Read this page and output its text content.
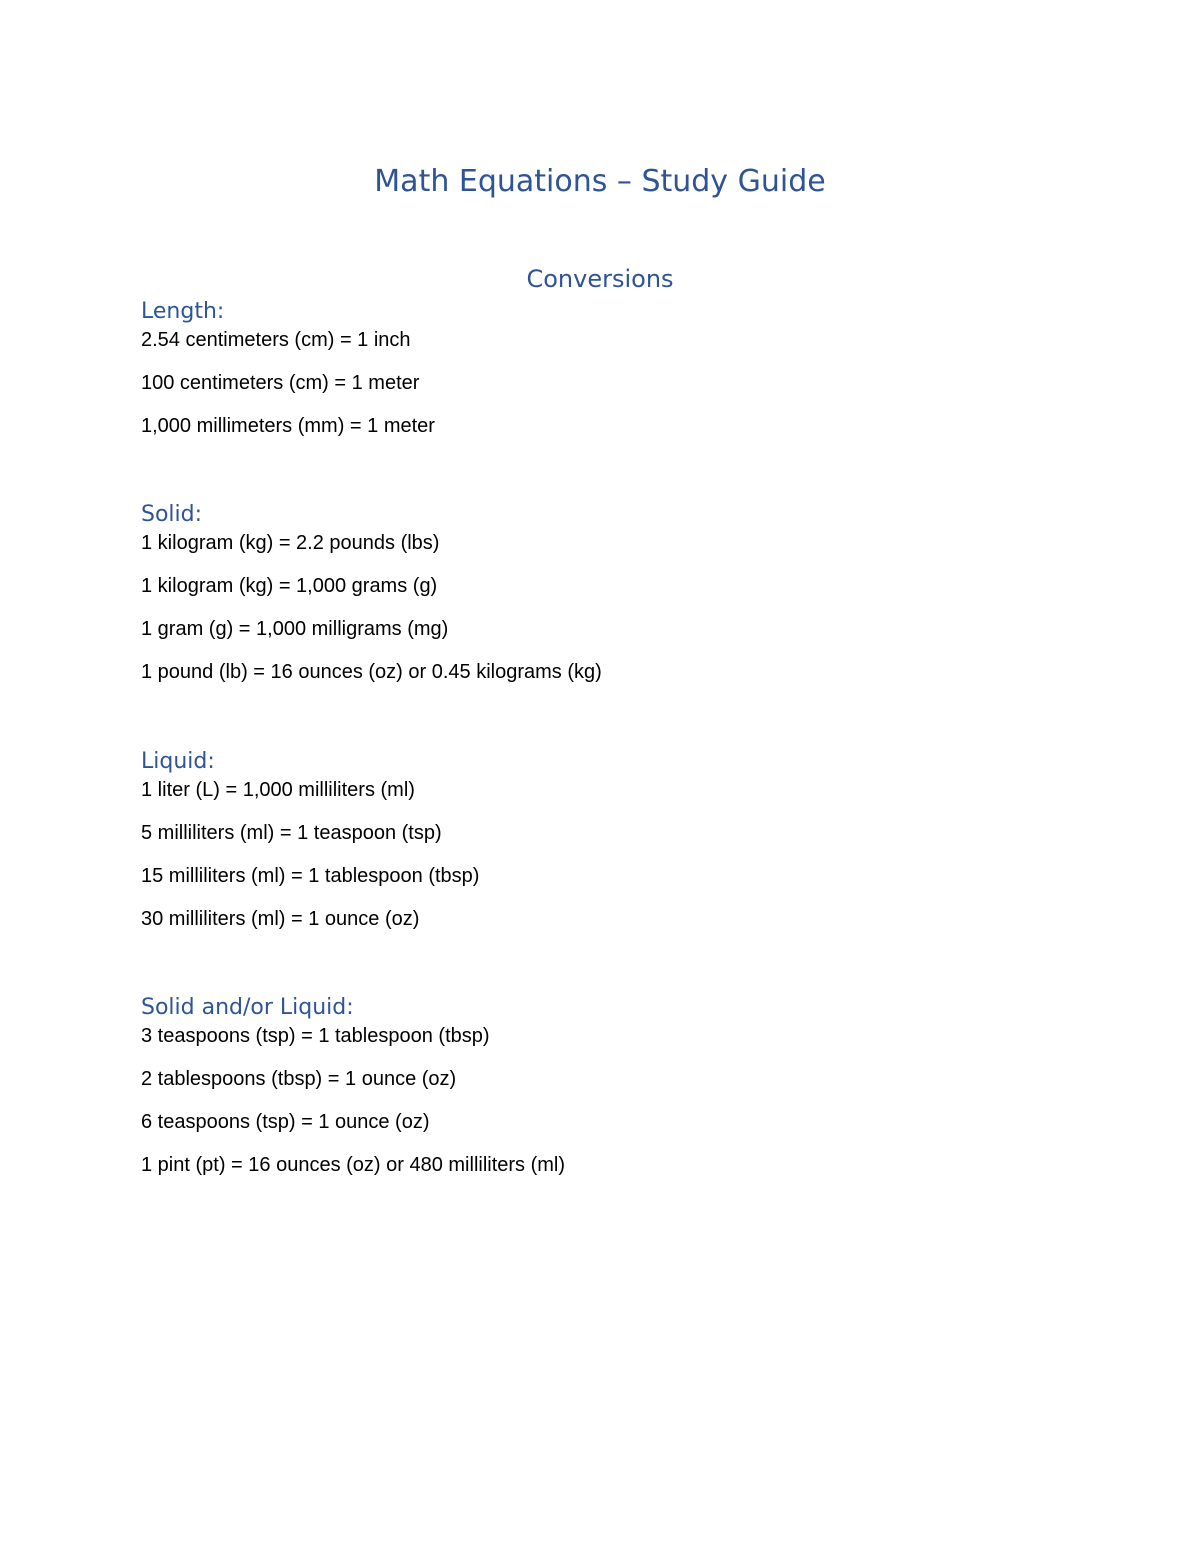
Math Equations – Study Guide
Conversions
Length:
2.54 centimeters (cm) = 1 inch
100 centimeters (cm) = 1 meter
1,000 millimeters (mm) = 1 meter
Solid:
1 kilogram (kg) = 2.2 pounds (lbs)
1 kilogram (kg) = 1,000 grams (g)
1 gram (g) = 1,000 milligrams (mg)
1 pound (lb) = 16 ounces (oz) or 0.45 kilograms (kg)
Liquid:
1 liter (L) = 1,000 milliliters (ml)
5 milliliters (ml) = 1 teaspoon (tsp)
15 milliliters (ml) = 1 tablespoon (tbsp)
30 milliliters (ml) = 1 ounce (oz)
Solid and/or Liquid:
3 teaspoons (tsp) = 1 tablespoon (tbsp)
2 tablespoons (tbsp) = 1 ounce (oz)
6 teaspoons (tsp) = 1 ounce (oz)
1 pint (pt) = 16 ounces (oz) or 480 milliliters (ml)
